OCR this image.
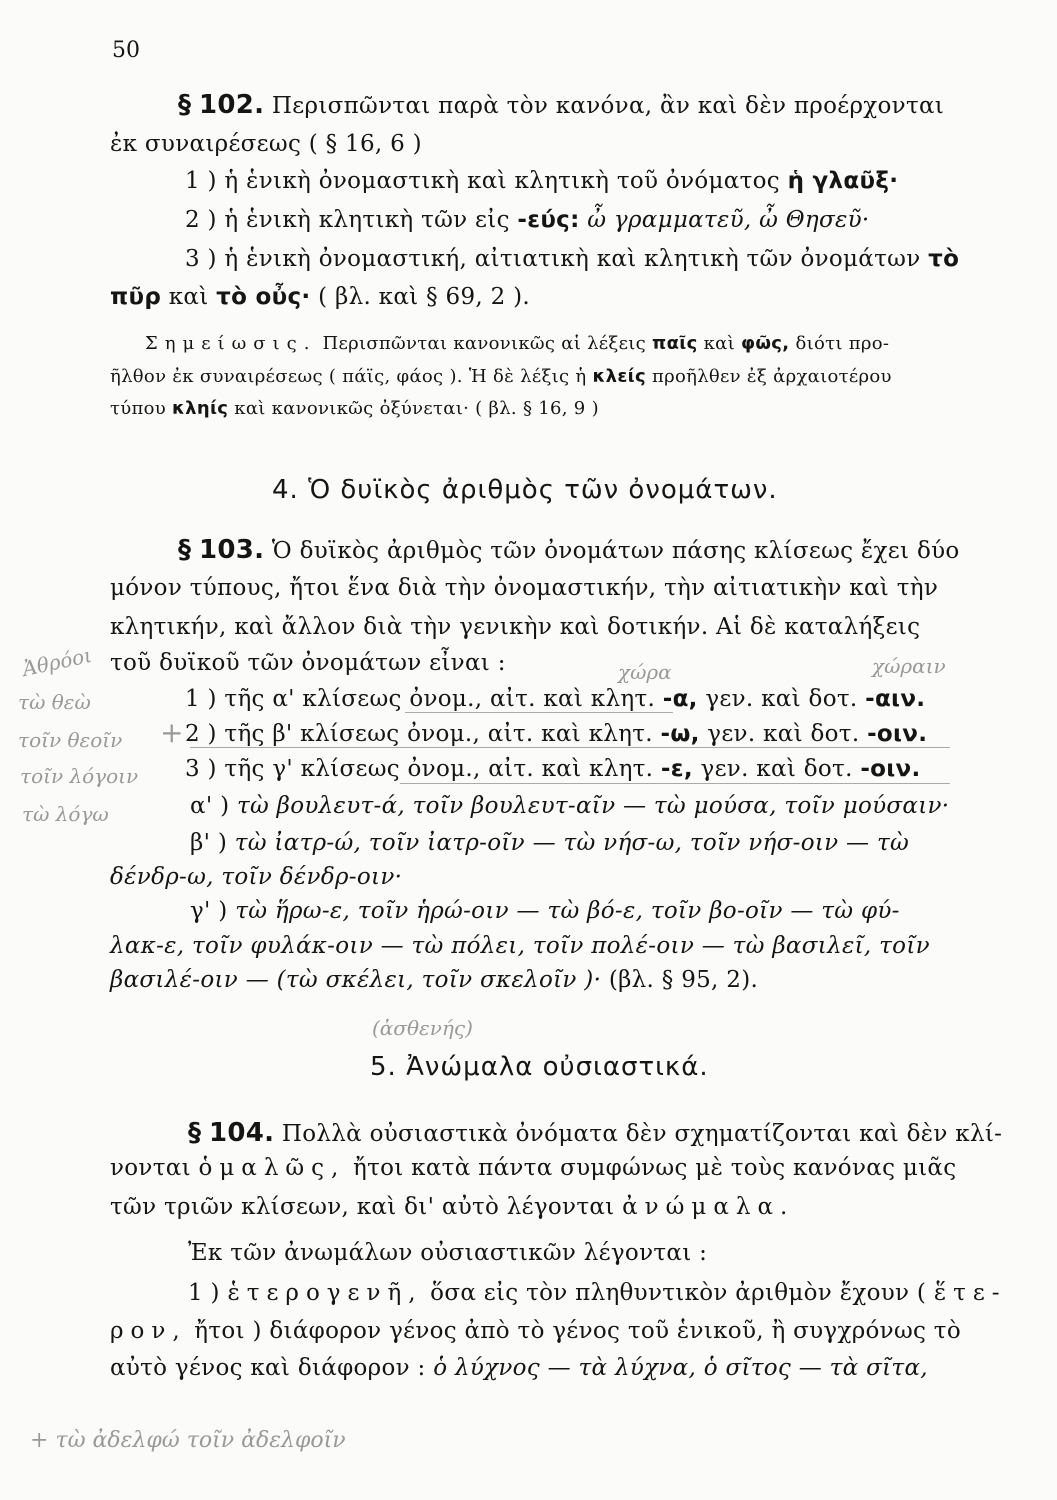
50
§ 102. Περισπῶνται παρὰ τὸν κανόνα, ἂν καὶ δὲν προέρχονται
ἐκ συναιρέσεως ( § 16, 6 )
1 ) ἡ ἑνικὴ ὀνομαστικὴ καὶ κλητικὴ τοῦ ὀνόματος ἡ γλαῦξ·
2 ) ἡ ἑνικὴ κλητικὴ τῶν εἰς -εύς: ὦ γραμματεῦ, ὦ Θησεῦ·
3 ) ἡ ἑνικὴ ὀνομαστική, αἰτιατικὴ καὶ κλητικὴ τῶν ὀνομάτων τὸ
πῦρ καὶ τὸ οὖς· ( βλ. καὶ § 69, 2 ).
Σημείωσις. Περισπῶνται κανονικῶς αἱ λέξεις παῖς καὶ φῶς, διότι προ-
ῆλθον ἐκ συναιρέσεως ( πάϊς, φάος ). Ἡ δὲ λέξις ἡ κλείς προῆλθεν ἐξ ἀρχαιοτέρου
τύπου κληίς καὶ κανονικῶς ὀξύνεται· ( βλ. § 16, 9 )
4. Ὁ δυϊκὸς ἀριθμὸς τῶν ὀνομάτων.
§ 103. Ὁ δυϊκὸς ἀριθμὸς τῶν ὀνομάτων πάσης κλίσεως ἔχει δύο
μόνον τύπους, ἤτοι ἕνα διὰ τὴν ὀνομαστικήν, τὴν αἰτιατικὴν καὶ τὴν
κλητικήν, καὶ ἄλλον διὰ τὴν γενικὴν καὶ δοτικήν. Αἱ δὲ καταλήξεις
τοῦ δυϊκοῦ τῶν ὀνομάτων εἶναι :
1 ) τῆς α' κλίσεως ὀνομ., αἰτ. καὶ κλητ. -α, γεν. καὶ δοτ. -αιν.
2 ) τῆς β' κλίσεως ὀνομ., αἰτ. καὶ κλητ. -ω, γεν. καὶ δοτ. -οιν.
3 ) τῆς γ' κλίσεως ὀνομ., αἰτ. καὶ κλητ. -ε, γεν. καὶ δοτ. -οιν.
α' ) τὼ βουλευτ-ά, τοῖν βουλευτ-αῖν — τὼ μούσα, τοῖν μούσαιν·
β' ) τὼ ἰατρ-ώ, τοῖν ἰατρ-οῖν — τὼ νήσ-ω, τοῖν νήσ-οιν — τὼ
δένδρ-ω, τοῖν δένδρ-οιν·
γ' ) τὼ ἥρω-ε, τοῖν ἡρώ-οιν — τὼ βό-ε, τοῖν βο-οῖν — τὼ φύ-
λακ-ε, τοῖν φυλάκ-οιν — τὼ πόλει, τοῖν πολέ-οιν — τὼ βασιλεῖ, τοῖν
βασιλέ-οιν — (τὼ σκέλει, τοῖν σκελοῖν )· (βλ. § 95, 2).
5. Ἀνώμαλα οὐσιαστικά.
§ 104. Πολλὰ οὐσιαστικὰ ὀνόματα δὲν σχηματίζονται καὶ δὲν κλί-
νονται ὁμαλῶς, ἤτοι κατὰ πάντα συμφώνως μὲ τοὺς κανόνας μιᾶς
τῶν τριῶν κλίσεων, καὶ δι' αὐτὸ λέγονται ἀνώμαλα.
Ἐκ τῶν ἀνωμάλων οὐσιαστικῶν λέγονται :
1 ) ἑτερογενῆ, ὅσα εἰς τὸν πληθυντικὸν ἀριθμὸν ἔχουν ( ἕτε-
ρον, ἤτοι ) διάφορον γένος ἀπὸ τὸ γένος τοῦ ἑνικοῦ, ἢ συγχρόνως τὸ
αὐτὸ γένος καὶ διάφορον : ὁ λύχνος — τὰ λύχνα, ὁ σῖτος — τὰ σῖτα,
Ἀθρόοι
τὼ θεὼ
τοῖν θεοῖν
τοῖν λόγοιν
τὼ λόγω
χώρα	χώραιν
+
(ἀσθενής)
+ τὼ ἀδελφώ τοῖν ἀδελφοῖν
